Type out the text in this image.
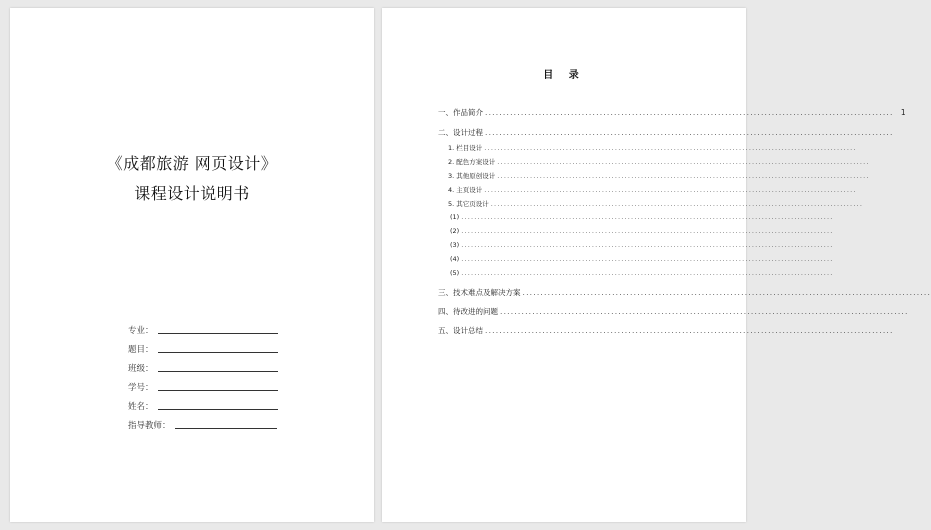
《成都旅游 网页设计》
课程设计说明书
专业：
题目：
班级：
学号：
姓名：
指导教师：
目 录
一、作品简介 .................................................................................................................. 1
二、设计过程 ..................................................................................................................
1. 栏目设计 ..................................................................................................................
2. 配色方案设计 ..................................................................................................................
3. 其他原创设计 ..................................................................................................................
4. 主页设计 ..................................................................................................................
5. 其它页设计 ..................................................................................................................
(1) ..................................................................................................................
(2) ..................................................................................................................
(3) ..................................................................................................................
(4) ..................................................................................................................
(5) ..................................................................................................................
三、技术难点及解决方案 ..................................................................................................................
四、待改进的问题 ..................................................................................................................
五、设计总结 ..................................................................................................................
